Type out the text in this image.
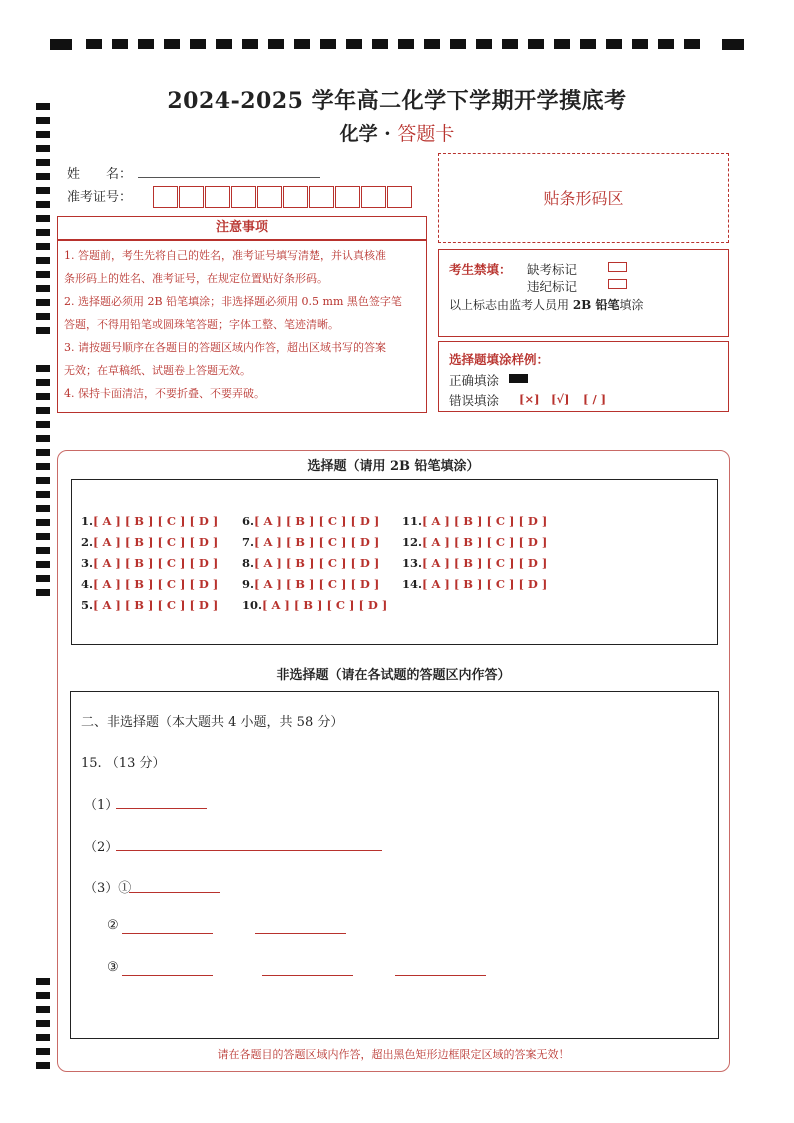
2024-2025 学年高二化学下学期开学摸底考
化学 · 答题卡
姓　　名：
准考证号：	贴条形码区
注意事项
1. 答题前，考生先将自己的姓名，准考证号填写清楚，并认真核准
条形码上的姓名、准考证号，在规定位置贴好条形码。
2. 选择题必须用 2B 铅笔填涂；非选择题必须用 0.5 mm 黑色签字笔
答题，不得用铅笔或圆珠笔答题；字体工整、笔迹清晰。
3. 请按题号顺序在各题目的答题区域内作答，超出区域书写的答案
无效；在草稿纸、试题卷上答题无效。
4. 保持卡面清洁，不要折叠、不要弄破。
考生禁填： 缺考标记
违纪标记
以上标志由监考人员用 2B 铅笔填涂
选择题填涂样例：
正确填涂
错误填涂 [×] [√] [ / ]
选择题（请用 2B 铅笔填涂）
1.[ A ] [ B ] [ C ] [ D ]
2.[ A ] [ B ] [ C ] [ D ]
3.[ A ] [ B ] [ C ] [ D ]
4.[ A ] [ B ] [ C ] [ D ]
5.[ A ] [ B ] [ C ] [ D ]
6.[ A ] [ B ] [ C ] [ D ]
7.[ A ] [ B ] [ C ] [ D ]
8.[ A ] [ B ] [ C ] [ D ]
9.[ A ] [ B ] [ C ] [ D ]
10.[ A ] [ B ] [ C ] [ D ]
11.[ A ] [ B ] [ C ] [ D ]
12.[ A ] [ B ] [ C ] [ D ]
13.[ A ] [ B ] [ C ] [ D ]
14.[ A ] [ B ] [ C ] [ D ]
非选择题（请在各试题的答题区内作答）
二、非选择题（本大题共 4 小题，共 58 分）
15. （13 分）
（1）
（2）
（3）①
②
③
请在各题目的答题区域内作答，超出黑色矩形边框限定区域的答案无效！
